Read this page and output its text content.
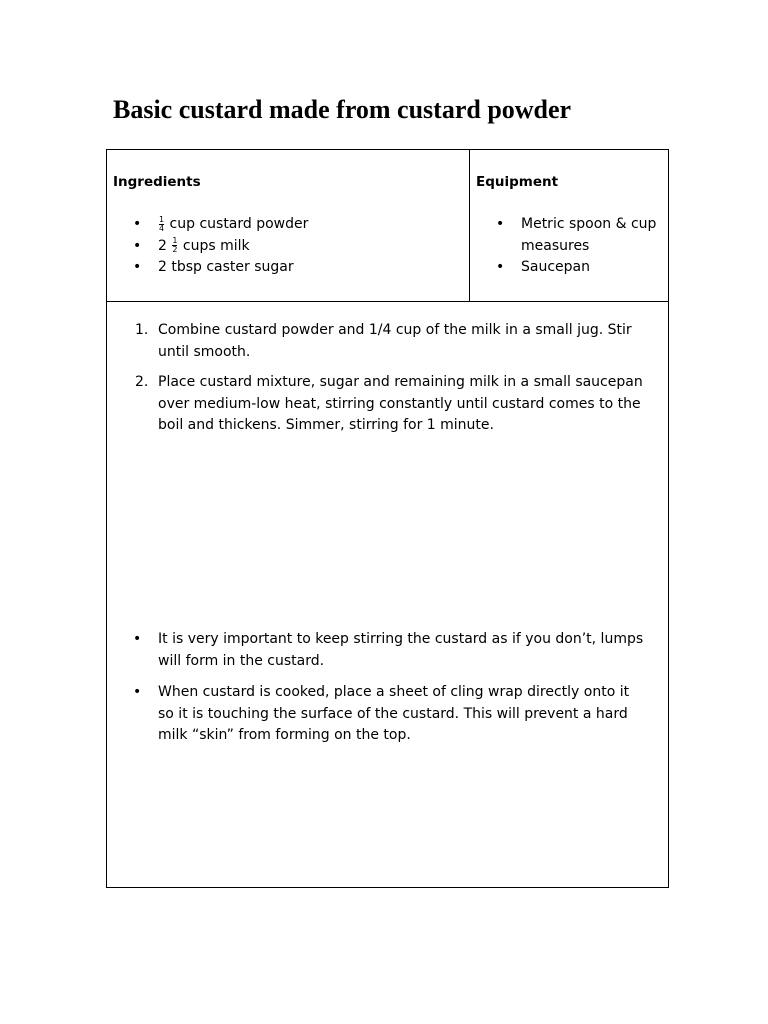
Basic custard made from custard powder
Ingredients
• $\frac{1}{4}$ cup custard powder
• $2 \frac{1}{2}$ cups milk
• 2 tbsp caster sugar
Equipment
• Metric spoon & cup measures
• Saucepan
1. Combine custard powder and 1/4 cup of the milk in a small jug. Stir until smooth.
2. Place custard mixture, sugar and remaining milk in a small saucepan over medium-low heat, stirring constantly until custard comes to the boil and thickens. Simmer, stirring for 1 minute.
• It is very important to keep stirring the custard as if you don’t, lumps will form in the custard.
• When custard is cooked, place a sheet of cling wrap directly onto it so it is touching the surface of the custard. This will prevent a hard milk “skin” from forming on the top.
